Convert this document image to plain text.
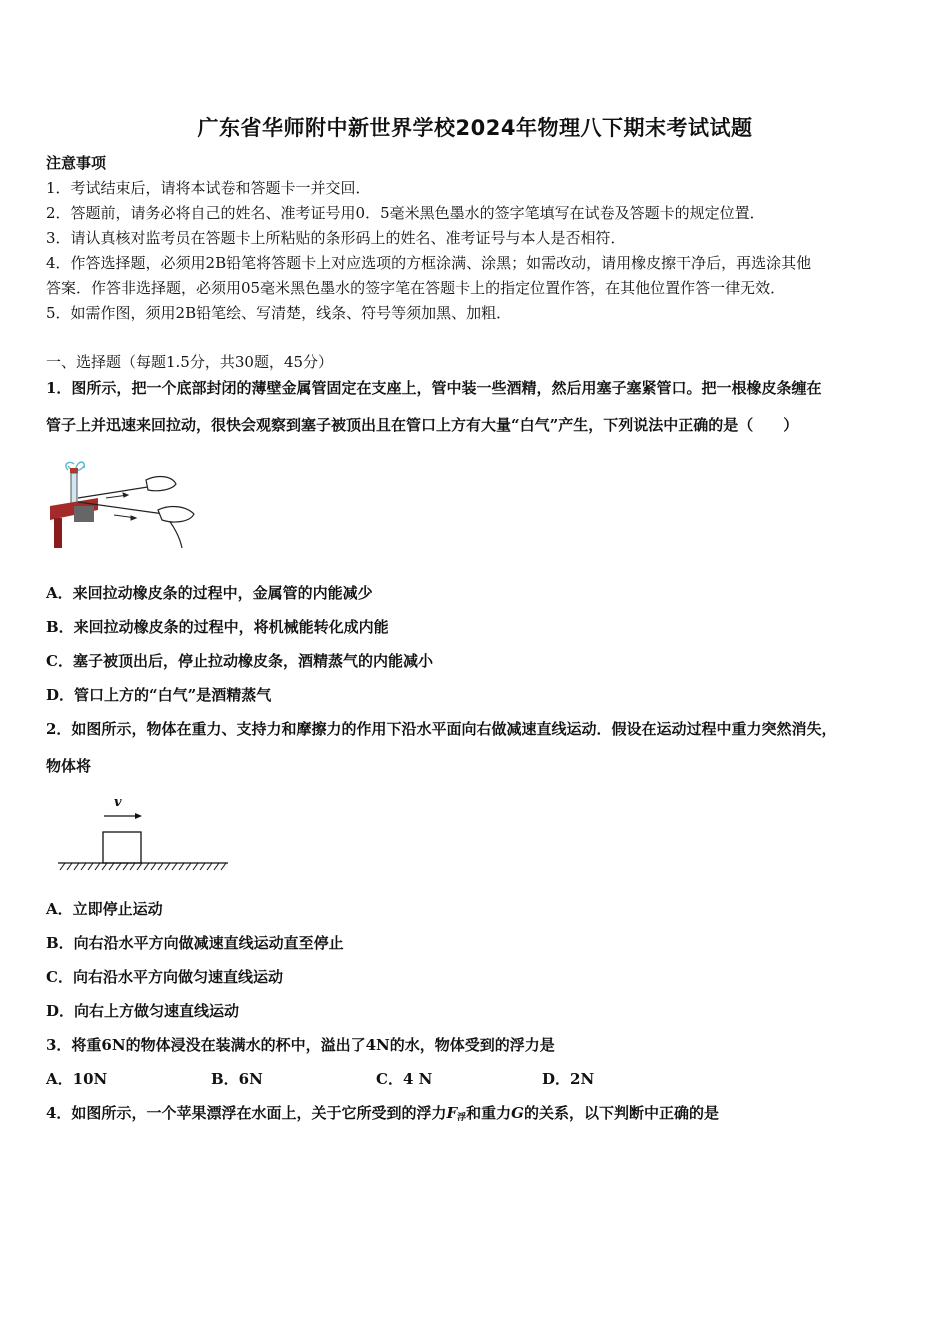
广东省华师附中新世界学校2024年物理八下期末考试试题
注意事项
1．考试结束后，请将本试卷和答题卡一并交回．
2．答题前，请务必将自己的姓名、准考证号用0．5毫米黑色墨水的签字笔填写在试卷及答题卡的规定位置．
3．请认真核对监考员在答题卡上所粘贴的条形码上的姓名、准考证号与本人是否相符．
4．作答选择题，必须用2B铅笔将答题卡上对应选项的方框涂满、涂黑；如需改动，请用橡皮擦干净后，再选涂其他
答案．作答非选择题，必须用05毫米黑色墨水的签字笔在答题卡上的指定位置作答，在其他位置作答一律无效．
5．如需作图，须用2B铅笔绘、写清楚，线条、符号等须加黑、加粗．
一、选择题（每题1.5分，共30题，45分）
1．图所示，把一个底部封闭的薄壁金属管固定在支座上，管中装一些酒精，然后用塞子塞紧管口。把一根橡皮条缠在
管子上并迅速来回拉动，很快会观察到塞子被顶出且在管口上方有大量“白气”产生，下列说法中正确的是（　　）
A．来回拉动橡皮条的过程中，金属管的内能减少
B．来回拉动橡皮条的过程中，将机械能转化成内能
C．塞子被顶出后，停止拉动橡皮条，酒精蒸气的内能减小
D．管口上方的“白气”是酒精蒸气
2．如图所示，物体在重力、支持力和摩擦力的作用下沿水平面向右做减速直线运动．假设在运动过程中重力突然消失，
物体将
v
A．立即停止运动
B．向右沿水平方向做减速直线运动直至停止
C．向右沿水平方向做匀速直线运动
D．向右上方做匀速直线运动
3．将重6N的物体浸没在装满水的杯中，溢出了4N的水，物体受到的浮力是
A．10N	B．6N	C．4 N	D．2N
4．如图所示，一个苹果漂浮在水面上，关于它所受到的浮力$F_浮$和重力G的关系，以下判断中正确的是
